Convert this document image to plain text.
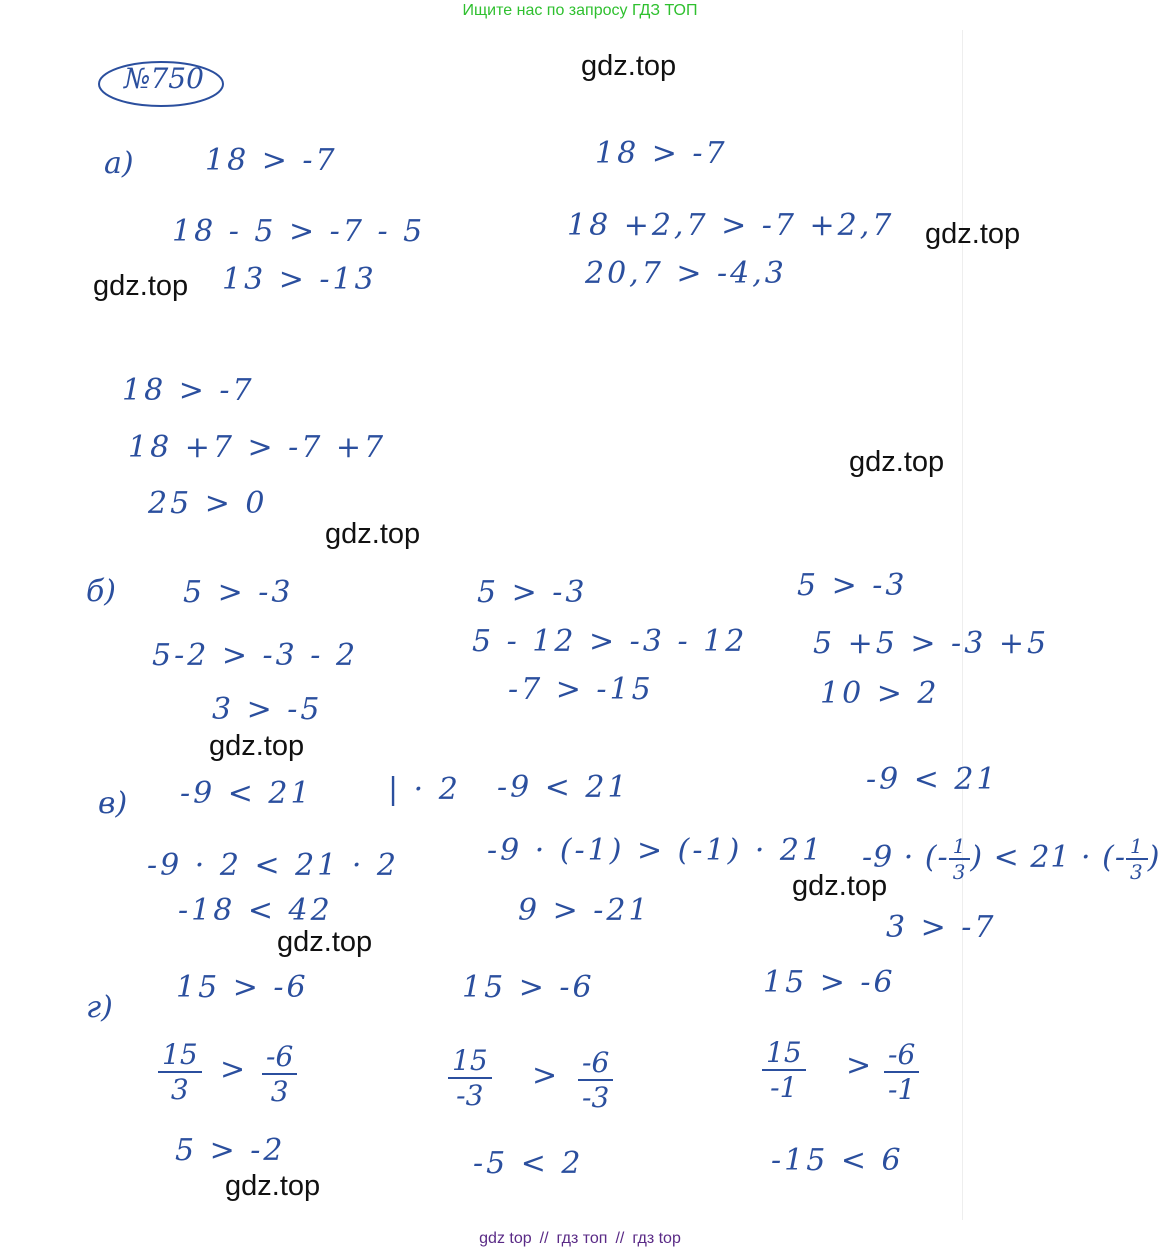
Ищите нас по запросу ГДЗ ТОП
№750	gdz.top
gdz.top
gdz.top
gdz.top
gdz.top
gdz.top
gdz.top
gdz.top
gdz.top
а) 18 > -7
18 - 5 > -7 - 5
13 > -13
18 > -7
18 +2,7 > -7 +2,7
20,7 > -4,3
18 > -7
18 +7 > -7 +7
25 > 0
б) 5 > -3
5-2 > -3 - 2
3 > -5
5 > -3
5 - 12 > -3 - 12
-7 > -15
5 > -3
5 +5 > -3 +5
10 > 2
в) -9 < 21	| · 2
-9 · 2 < 21 · 2
-18 < 42
-9 < 21
-9 · (-1) > (-1) · 21
9 > -21
-9 < 21
-9 · (- $\frac{1}{3}$ ) < 21 · (- $\frac{1}{3}$ )
3 > -7
г)
15 > -6
$\frac{15}{3} > \frac{-6}{3}$
5 > -2
15 > -6
$\frac{15}{-3} > \frac{-6}{-3}$
-5 < 2
15 > -6
$\frac{15}{-1} > \frac{-6}{-1}$
-15 < 6
gdz top // гдз топ // гдз top
